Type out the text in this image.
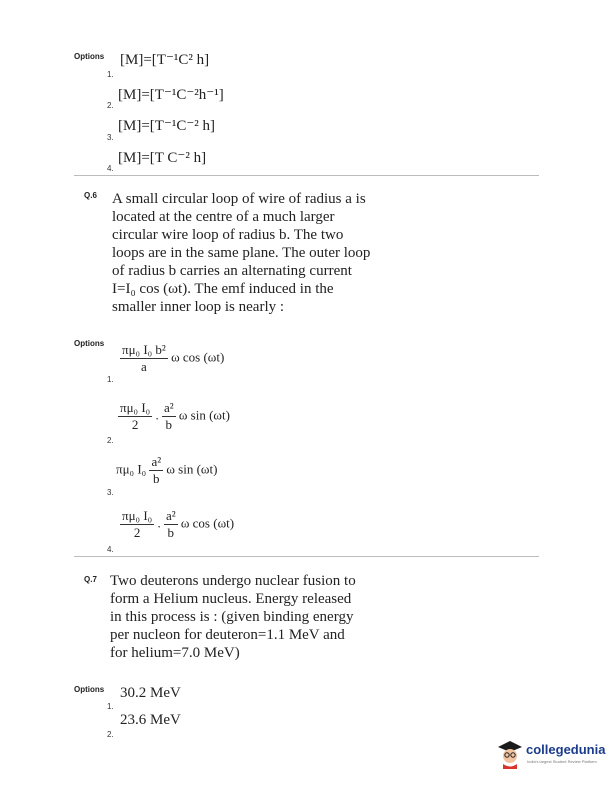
Options
1.
[M]=[T⁻¹C² h]
2.
[M]=[T⁻¹C⁻²h⁻¹]
3.
[M]=[T⁻¹C⁻² h]
4.
[M]=[T C⁻² h]
Q.6 A small circular loop of wire of radius a is
located at the centre of a much larger
circular wire loop of radius b. The two
loops are in the same plane. The outer loop
of radius b carries an alternating current
I=I₀ cos (ωt). The emf induced in the
smaller inner loop is nearly :
Options
1.
$\frac{\text{πμ₀ I₀ b²}}{a}$ ω cos (ωt)
2.
$\frac{\text{πμ₀ I₀}}{2}$ . $\frac{\text{a²}}{b}$ ω sin (ωt)
3.
πμ₀ $I_0 \frac{\text{a²}}{b}$ ω sin (ωt)
4.
$\frac{\text{πμ₀ I₀}}{2}$ . $\frac{\text{a²}}{b}$ ω cos (ωt)
Q.7 Two deuterons undergo nuclear fusion to
form a Helium nucleus. Energy released
in this process is : (given binding energy
per nucleon for deuteron=1.1 MeV and
for helium=7.0 MeV)
Options
1.
30.2 MeV
2.
23.6 MeV
collegedunia
India's largest Student Review Platform
